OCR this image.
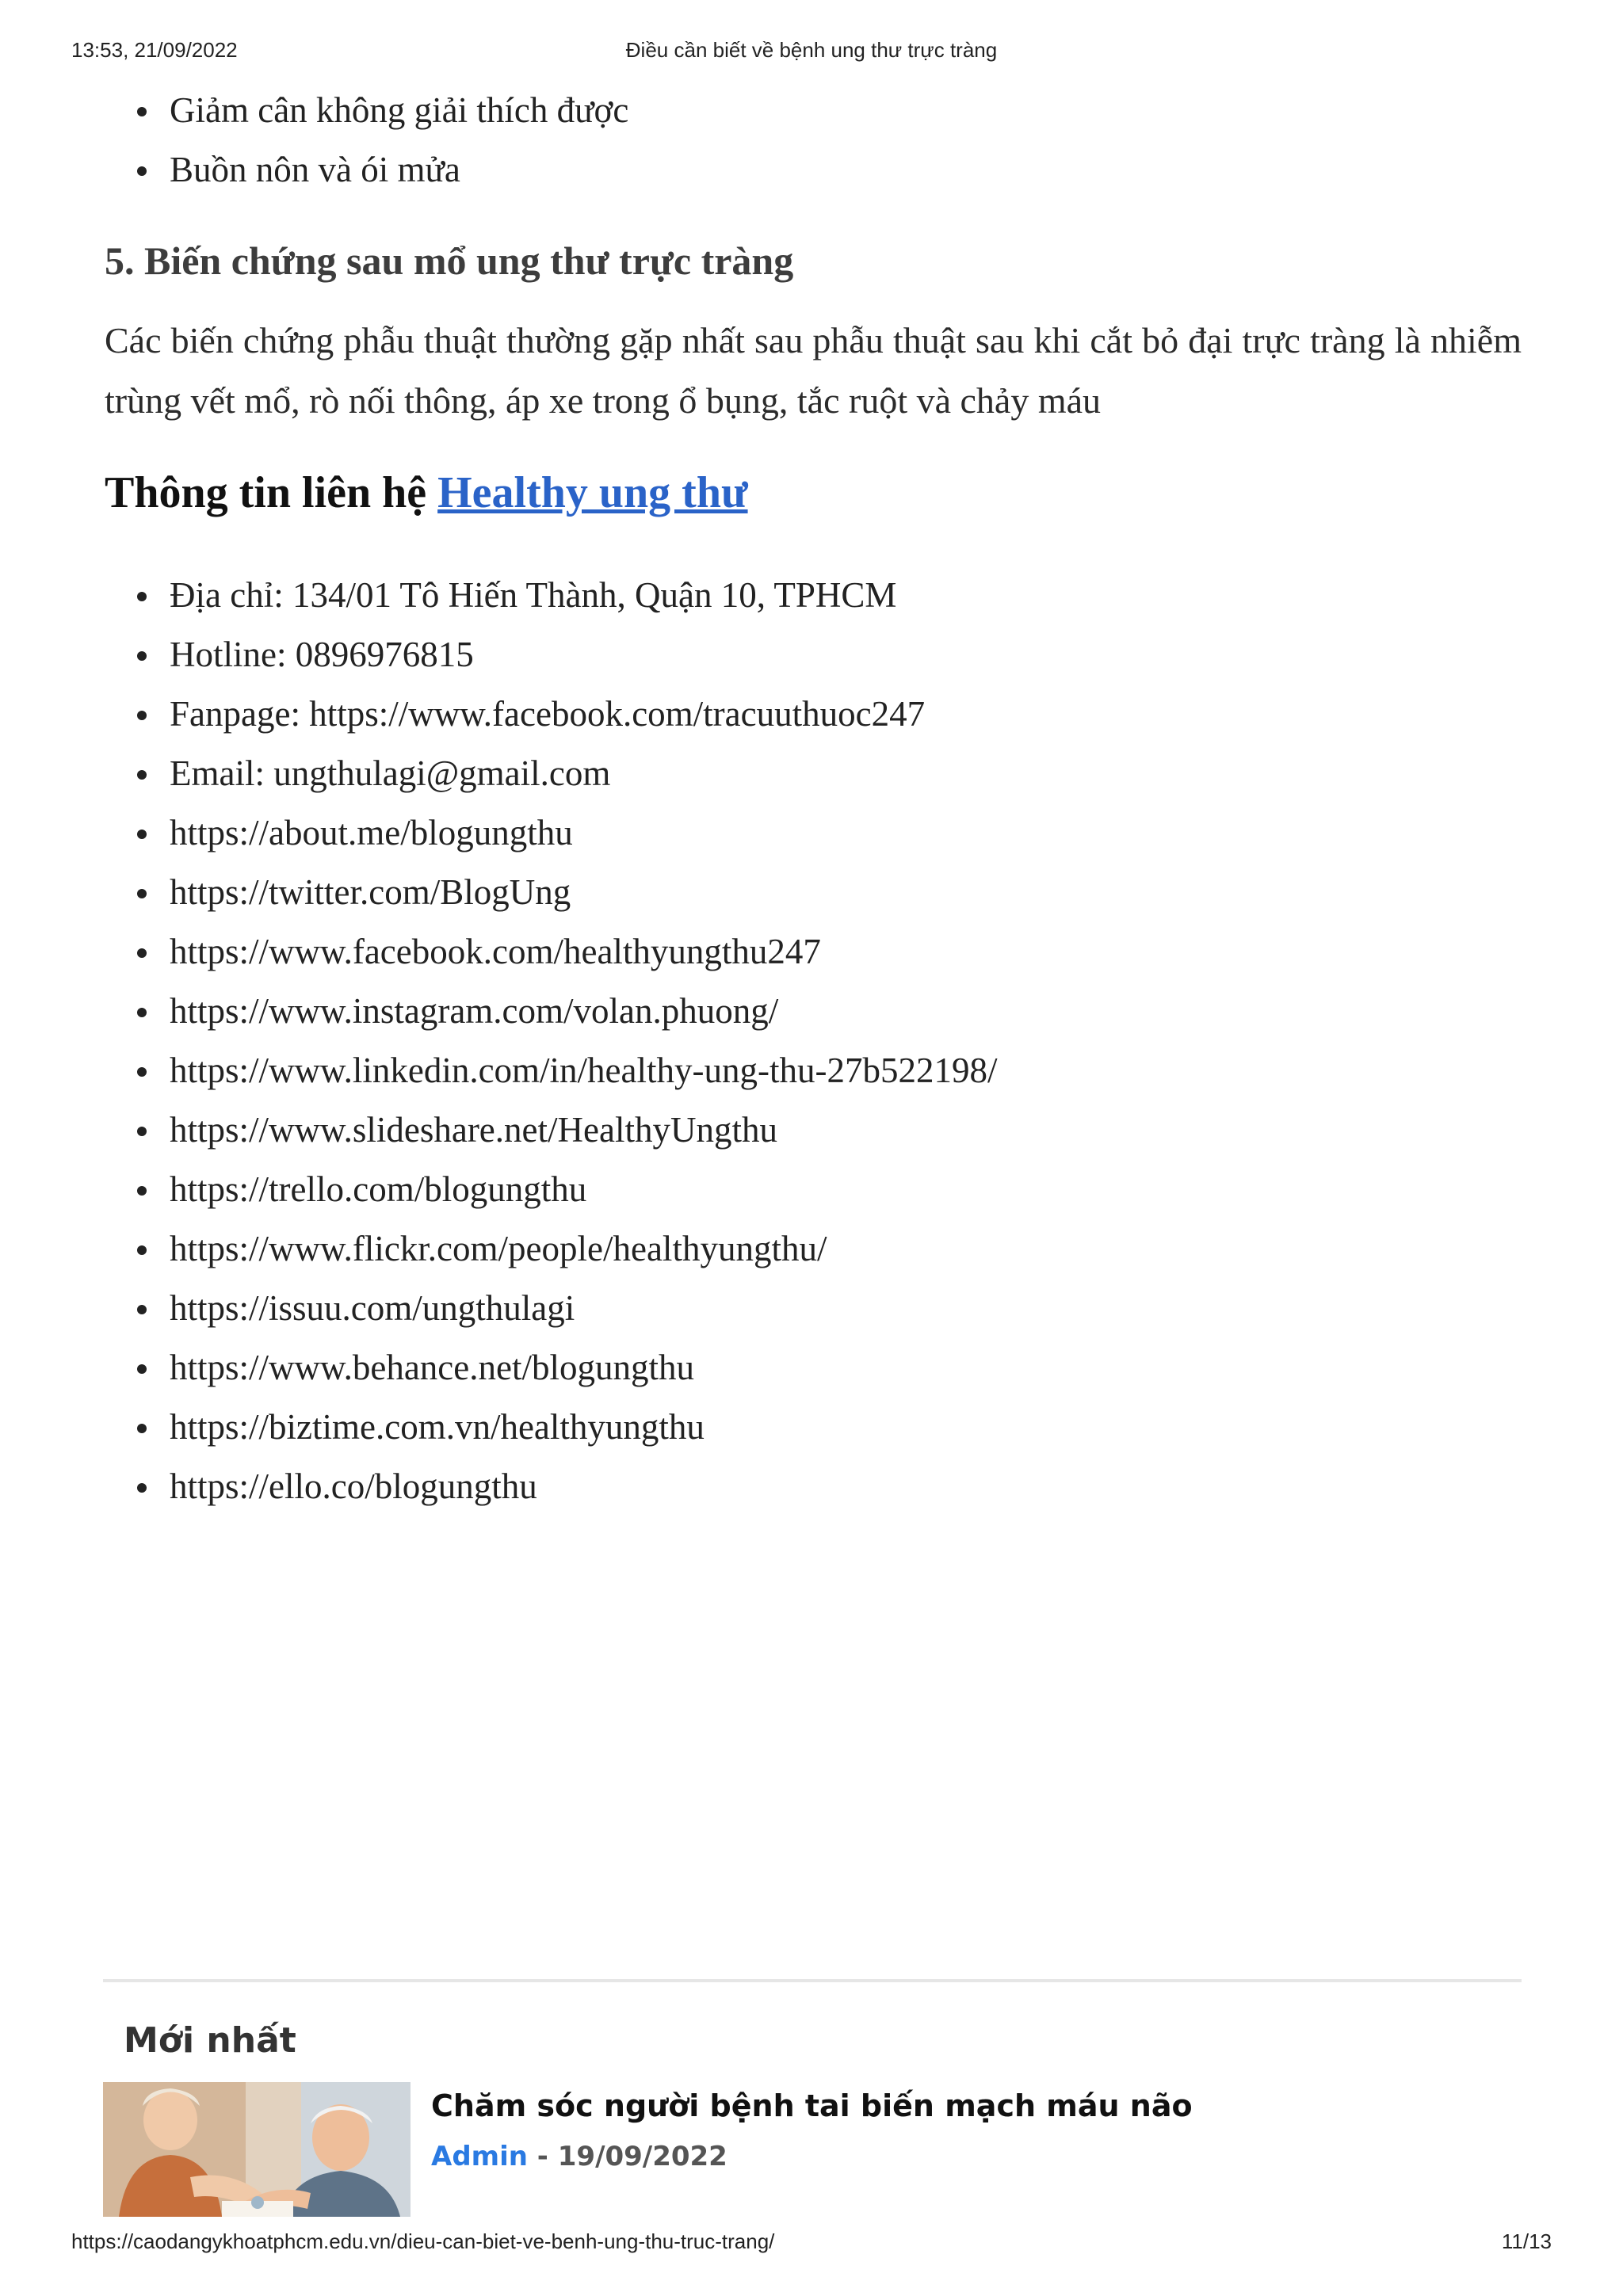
13:53, 21/09/2022	Điều cần biết về bệnh ung thư trực tràng
Giảm cân không giải thích được
Buồn nôn và ói mửa
5. Biến chứng sau mổ ung thư trực tràng

Các biến chứng phẫu thuật thường gặp nhất sau phẫu thuật sau khi cắt bỏ đại trực tràng là nhiễm trùng vết mổ, rò nối thông, áp xe trong ổ bụng, tắc ruột và chảy máu

Thông tin liên hệ Healthy ung thư
Địa chỉ: 134/01 Tô Hiến Thành, Quận 10, TPHCM
Hotline: 0896976815
Fanpage: https://www.facebook.com/tracuuthuoc247
Email: ungthulagi@gmail.com
https://about.me/blogungthu
https://twitter.com/BlogUng
https://www.facebook.com/healthyungthu247
https://www.instagram.com/volan.phuong/
https://www.linkedin.com/in/healthy-ung-thu-27b522198/
https://www.slideshare.net/HealthyUngthu
https://trello.com/blogungthu
https://www.flickr.com/people/healthyungthu/
https://issuu.com/ungthulagi
https://www.behance.net/blogungthu
https://biztime.com.vn/healthyungthu
https://ello.co/blogungthu
Mới nhất
Chăm sóc người bệnh tai biến mạch máu não
Admin - 19/09/2022
https://caodangykhoatphcm.edu.vn/dieu-can-biet-ve-benh-ung-thu-truc-trang/	11/13
